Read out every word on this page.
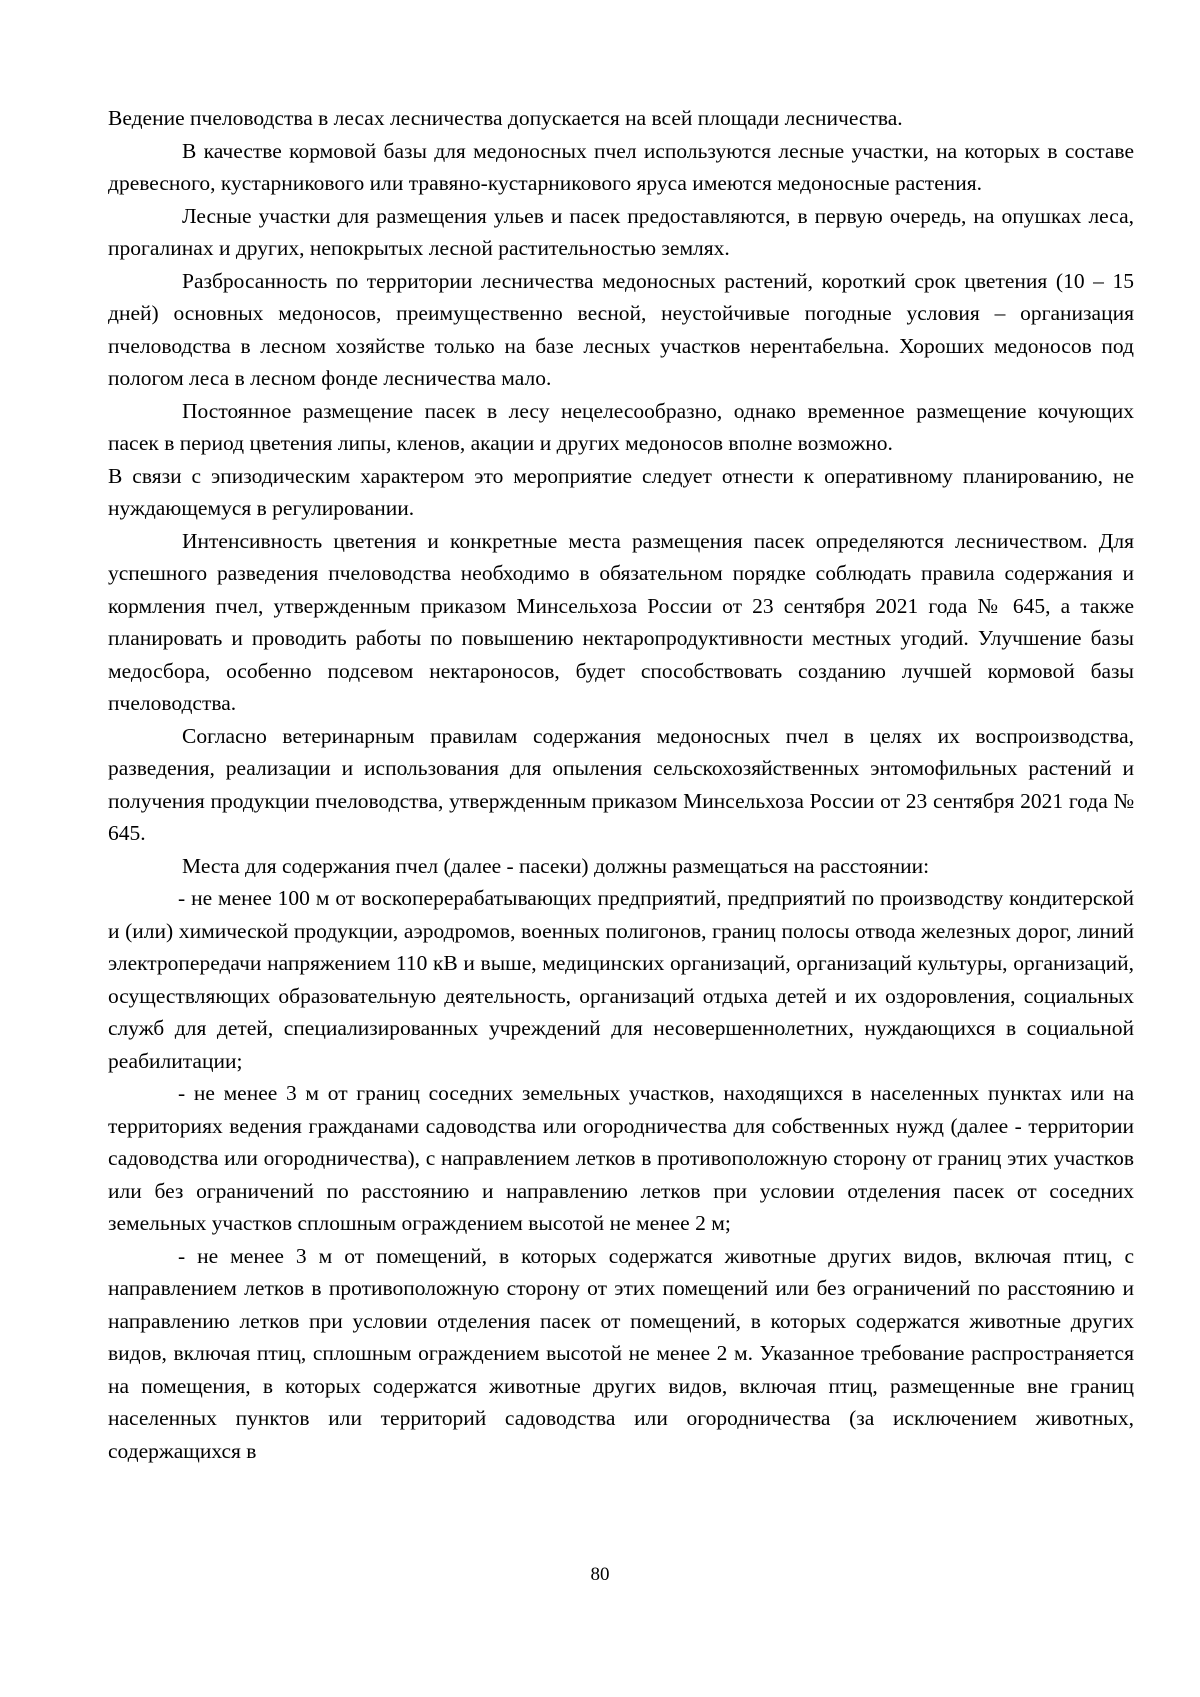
Ведение пчеловодства в лесах лесничества допускается на всей площади лесничества.

В качестве кормовой базы для медоносных пчел используются лесные участки, на которых в составе древесного, кустарникового или травяно-кустарникового яруса имеются медоносные растения.

Лесные участки для размещения ульев и пасек предоставляются, в первую очередь, на опушках леса, прогалинах и других, непокрытых лесной растительностью землях.

Разбросанность по территории лесничества медоносных растений, короткий срок цветения (10 – 15 дней) основных медоносов, преимущественно весной, неустойчивые погодные условия – организация пчеловодства в лесном хозяйстве только на базе лесных участков нерентабельна. Хороших медоносов под пологом леса в лесном фонде лесничества мало.

Постоянное размещение пасек в лесу нецелесообразно, однако временное размещение кочующих пасек в период цветения липы, кленов, акации и других медоносов вполне возможно.

В связи с эпизодическим характером это мероприятие следует отнести к оперативному планированию, не нуждающемуся в регулировании.

Интенсивность цветения и конкретные места размещения пасек определяются лесничеством. Для успешного разведения пчеловодства необходимо в обязательном порядке соблюдать правила содержания и кормления пчел, утвержденным приказом Минсельхоза России от 23 сентября 2021 года № 645, а также планировать и проводить работы по повышению нектаропродуктивности местных угодий. Улучшение базы медосбора, особенно подсевом нектароносов, будет способствовать созданию лучшей кормовой базы пчеловодства.

Согласно ветеринарным правилам содержания медоносных пчел в целях их воспроизводства, разведения, реализации и использования для опыления сельскохозяйственных энтомофильных растений и получения продукции пчеловодства, утвержденным приказом Минсельхоза России от 23 сентября 2021 года № 645.

Места для содержания пчел (далее - пасеки) должны размещаться на расстоянии:

- не менее 100 м от воскоперерабатывающих предприятий, предприятий по производству кондитерской и (или) химической продукции, аэродромов, военных полигонов, границ полосы отвода железных дорог, линий электропередачи напряжением 110 кВ и выше, медицинских организаций, организаций культуры, организаций, осуществляющих образовательную деятельность, организаций отдыха детей и их оздоровления, социальных служб для детей, специализированных учреждений для несовершеннолетних, нуждающихся в социальной реабилитации;

- не менее 3 м от границ соседних земельных участков, находящихся в населенных пунктах или на территориях ведения гражданами садоводства или огородничества для собственных нужд (далее - территории садоводства или огородничества), с направлением летков в противоположную сторону от границ этих участков или без ограничений по расстоянию и направлению летков при условии отделения пасек от соседних земельных участков сплошным ограждением высотой не менее 2 м;

- не менее 3 м от помещений, в которых содержатся животные других видов, включая птиц, с направлением летков в противоположную сторону от этих помещений или без ограничений по расстоянию и направлению летков при условии отделения пасек от помещений, в которых содержатся животные других видов, включая птиц, сплошным ограждением высотой не менее 2 м. Указанное требование распространяется на помещения, в которых содержатся животные других видов, включая птиц, размещенные вне границ населенных пунктов или территорий садоводства или огородничества (за исключением животных, содержащихся в

80
